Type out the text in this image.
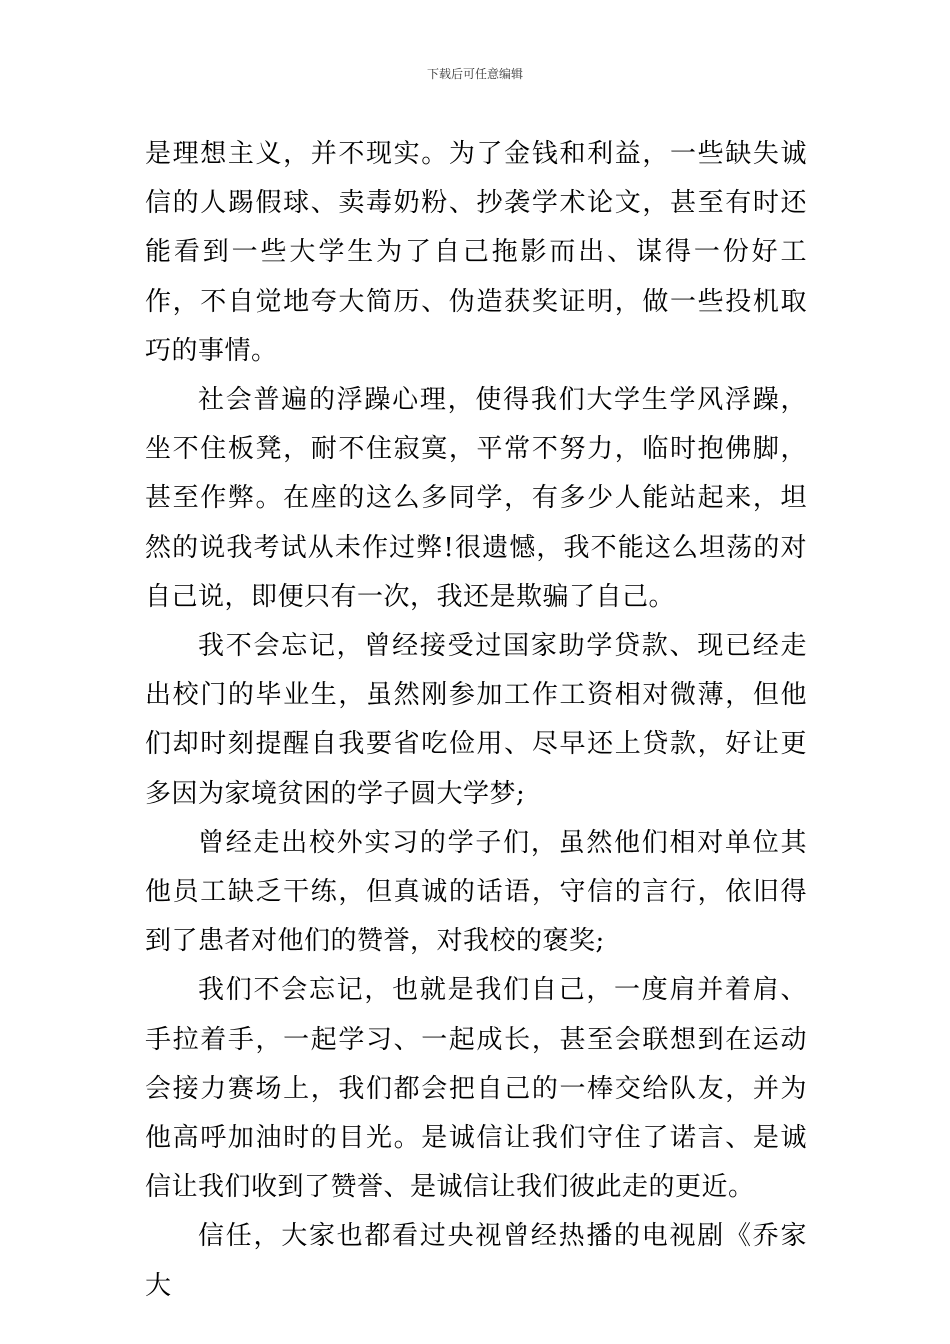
下载后可任意编辑

是理想主义，并不现实。为了金钱和利益，一些缺失诚信的人踢假球、卖毒奶粉、抄袭学术论文，甚至有时还能看到一些大学生为了自己拖影而出、谋得一份好工作，不自觉地夸大简历、伪造获奖证明，做一些投机取巧的事情。

社会普遍的浮躁心理，使得我们大学生学风浮躁，坐不住板凳，耐不住寂寞，平常不努力，临时抱佛脚，甚至作弊。在座的这么多同学，有多少人能站起来，坦然的说我考试从未作过弊!很遗憾，我不能这么坦荡的对自己说，即便只有一次，我还是欺骗了自己。

我不会忘记，曾经接受过国家助学贷款、现已经走出校门的毕业生，虽然刚参加工作工资相对微薄，但他们却时刻提醒自我要省吃俭用、尽早还上贷款，好让更多因为家境贫困的学子圆大学梦;

曾经走出校外实习的学子们，虽然他们相对单位其他员工缺乏干练，但真诚的话语，守信的言行，依旧得到了患者对他们的赞誉，对我校的褒奖;

我们不会忘记，也就是我们自己，一度肩并着肩、手拉着手，一起学习、一起成长，甚至会联想到在运动会接力赛场上，我们都会把自己的一棒交给队友，并为他高呼加油时的目光。是诚信让我们守住了诺言、是诚信让我们收到了赞誉、是诚信让我们彼此走的更近。

信任，大家也都看过央视曾经热播的电视剧《乔家大
